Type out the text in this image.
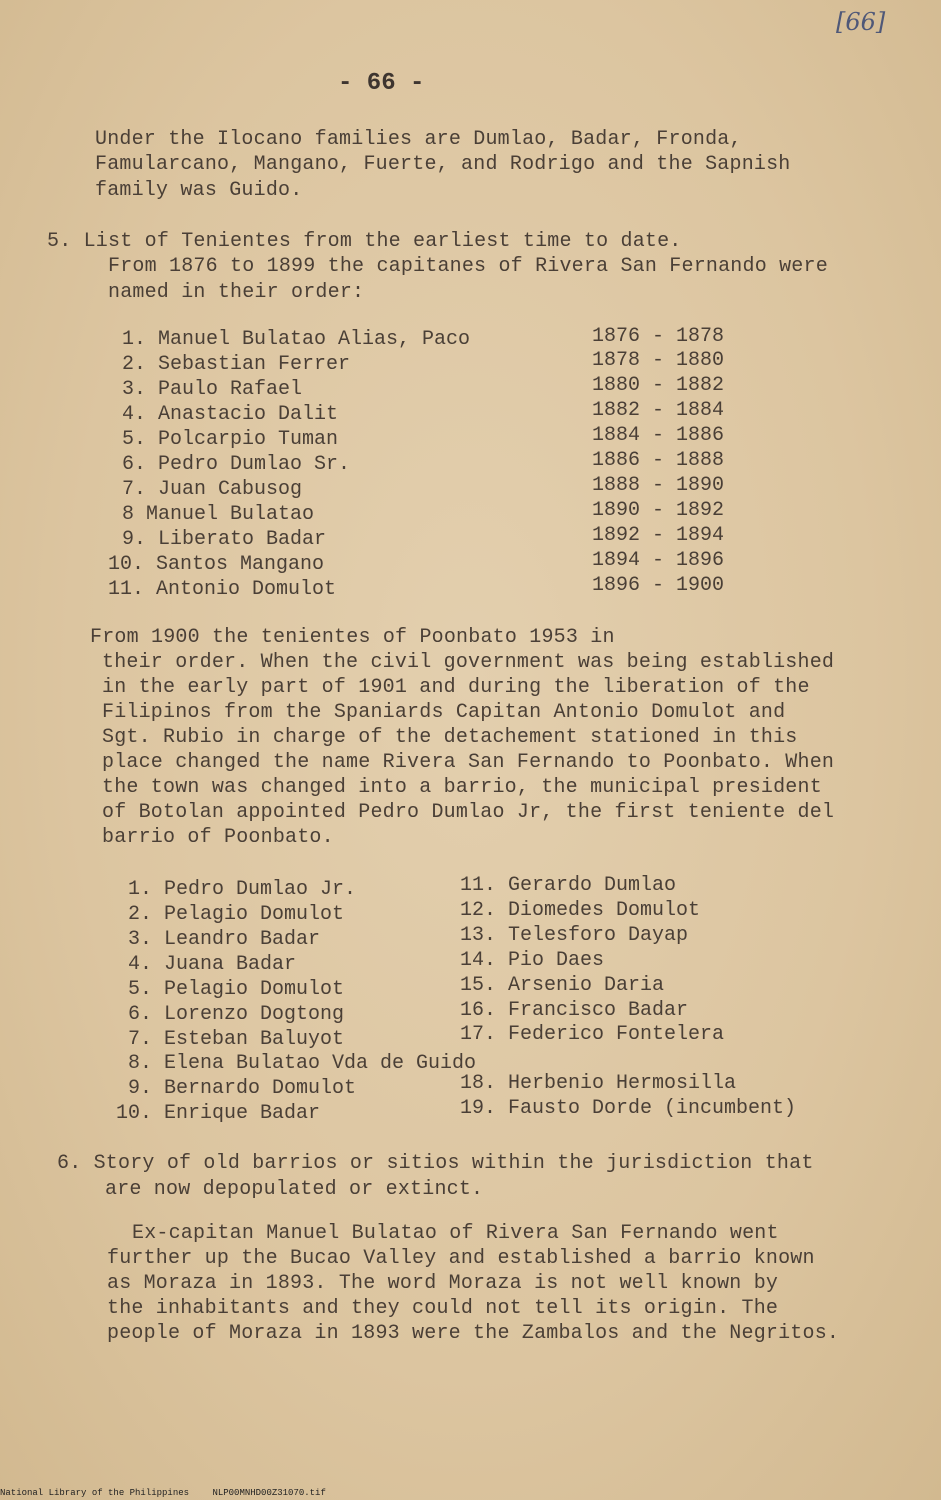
[66]
- 66 -
Under the Ilocano families are Dumlao, Badar, Fronda,
Famularcano, Mangano, Fuerte, and Rodrigo and the Sapnish
family was Guido.
5. List of Tenientes from the earliest time to date.
From 1876 to 1899 the capitanes of Rivera San Fernando were
named in their order:
1. Manuel Bulatao Alias, Paco	1876 - 1878
2. Sebastian Ferrer	1878 - 1880
3. Paulo Rafael	1880 - 1882
4. Anastacio Dalit	1882 - 1884
5. Polcarpio Tuman	1884 - 1886
6. Pedro Dumlao Sr.	1886 - 1888
7. Juan Cabusog	1888 - 1890
8 Manuel Bulatao	1890 - 1892
9. Liberato Badar	1892 - 1894
10. Santos Mangano	1894 - 1896
11. Antonio Domulot	1896 - 1900
From 1900 the tenientes of Poonbato 1953 in
their order. When the civil government was being established
in the early part of 1901 and during the liberation of the
Filipinos from the Spaniards Capitan Antonio Domulot and
Sgt. Rubio in charge of the detachement stationed in this
place changed the name Rivera San Fernando to Poonbato. When
the town was changed into a barrio, the municipal president
of Botolan appointed Pedro Dumlao Jr, the first teniente del
barrio of Poonbato.
1. Pedro Dumlao Jr.
2. Pelagio Domulot
3. Leandro Badar
4. Juana Badar
5. Pelagio Domulot
6. Lorenzo Dogtong
7. Esteban Baluyot
8. Elena Bulatao Vda de Guido
9. Bernardo Domulot
10. Enrique Badar
11. Gerardo Dumlao
12. Diomedes Domulot
13. Telesforo Dayap
14. Pio Daes
15. Arsenio Daria
16. Francisco Badar
17. Federico Fontelera
18. Herbenio Hermosilla
19. Fausto Dorde (incumbent)
6. Story of old barrios or sitios within the jurisdiction that
are now depopulated or extinct.
Ex-capitan Manuel Bulatao of Rivera San Fernando went
further up the Bucao Valley and established a barrio known
as Moraza in 1893. The word Moraza is not well known by
the inhabitants and they could not tell its origin. The
people of Moraza in 1893 were the Zambalos and the Negritos.
National Library of the Philippines	NLP00MNHD00Z31070.tif
